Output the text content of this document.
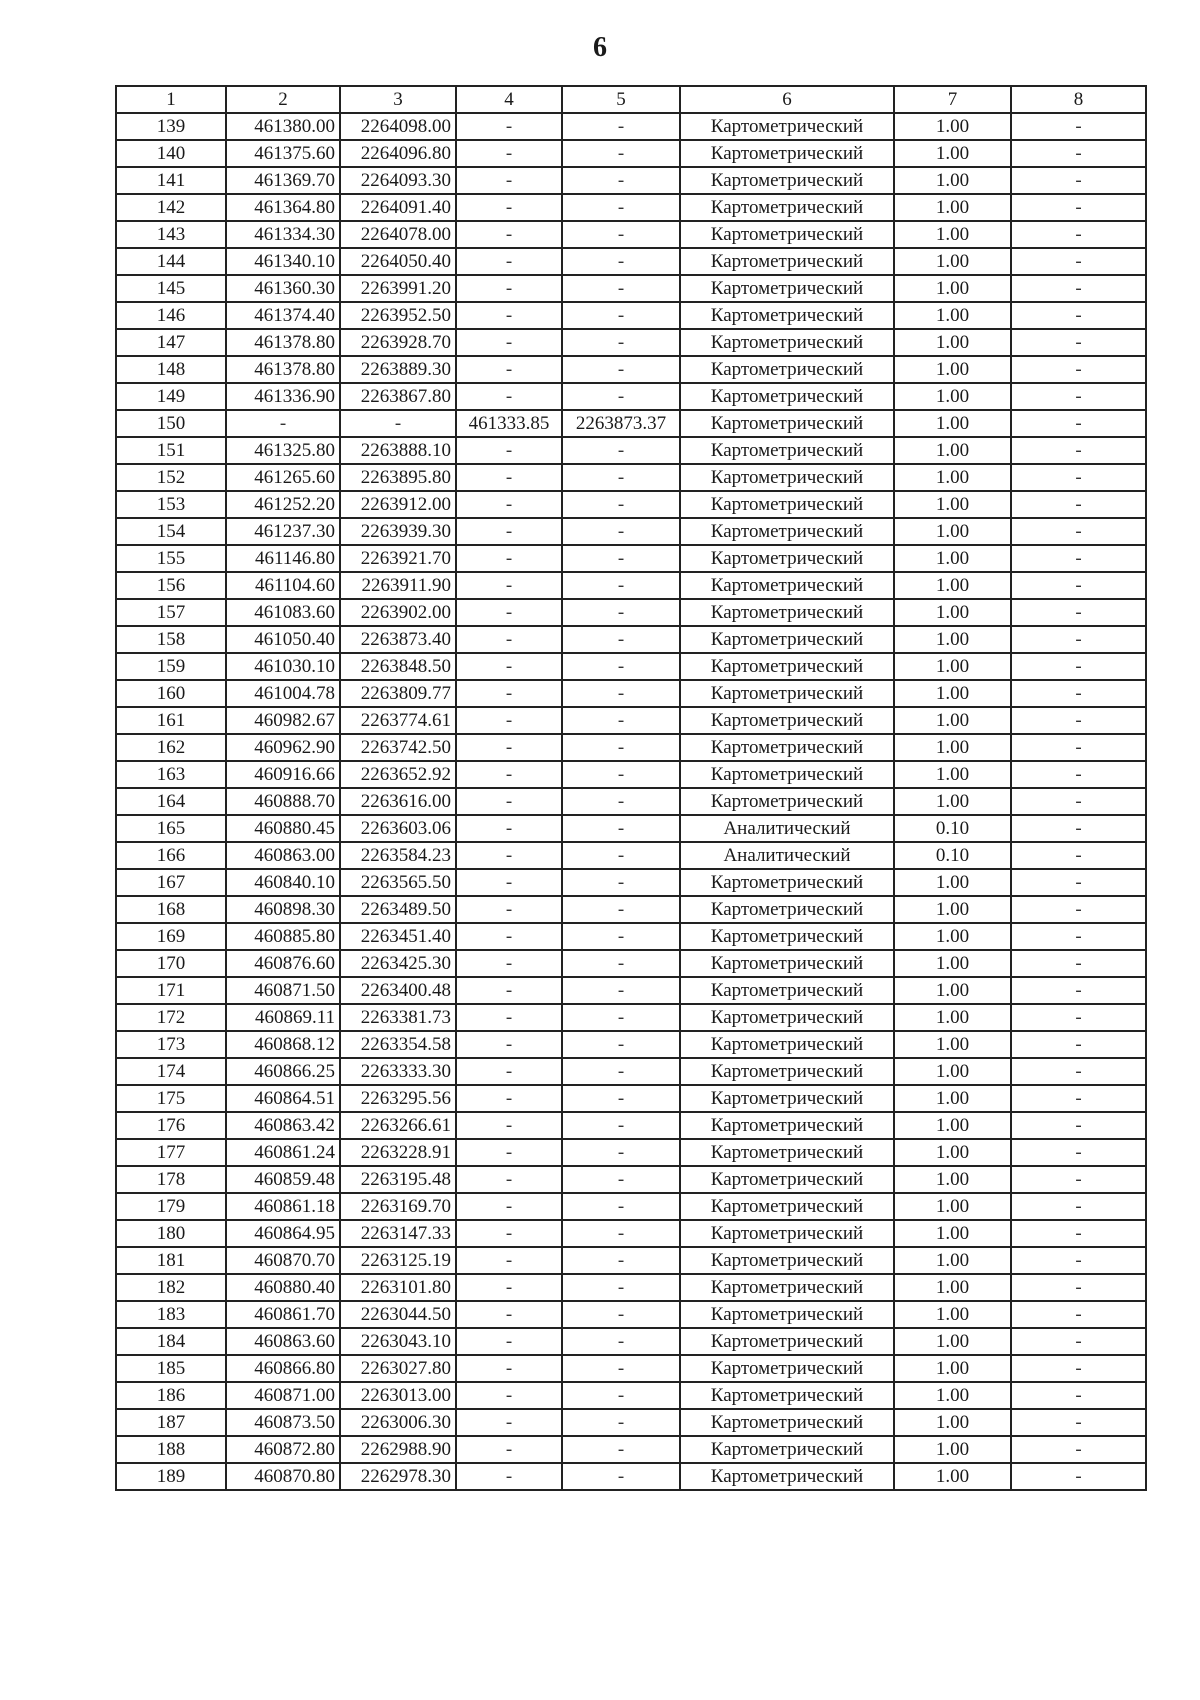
6
1	2	3	4	5	6	7	8
139	461380.00	2264098.00	-	-	Картометрический	1.00	-
140	461375.60	2264096.80	-	-	Картометрический	1.00	-
141	461369.70	2264093.30	-	-	Картометрический	1.00	-
142	461364.80	2264091.40	-	-	Картометрический	1.00	-
143	461334.30	2264078.00	-	-	Картометрический	1.00	-
144	461340.10	2264050.40	-	-	Картометрический	1.00	-
145	461360.30	2263991.20	-	-	Картометрический	1.00	-
146	461374.40	2263952.50	-	-	Картометрический	1.00	-
147	461378.80	2263928.70	-	-	Картометрический	1.00	-
148	461378.80	2263889.30	-	-	Картометрический	1.00	-
149	461336.90	2263867.80	-	-	Картометрический	1.00	-
150	-	-	461333.85	2263873.37	Картометрический	1.00	-
151	461325.80	2263888.10	-	-	Картометрический	1.00	-
152	461265.60	2263895.80	-	-	Картометрический	1.00	-
153	461252.20	2263912.00	-	-	Картометрический	1.00	-
154	461237.30	2263939.30	-	-	Картометрический	1.00	-
155	461146.80	2263921.70	-	-	Картометрический	1.00	-
156	461104.60	2263911.90	-	-	Картометрический	1.00	-
157	461083.60	2263902.00	-	-	Картометрический	1.00	-
158	461050.40	2263873.40	-	-	Картометрический	1.00	-
159	461030.10	2263848.50	-	-	Картометрический	1.00	-
160	461004.78	2263809.77	-	-	Картометрический	1.00	-
161	460982.67	2263774.61	-	-	Картометрический	1.00	-
162	460962.90	2263742.50	-	-	Картометрический	1.00	-
163	460916.66	2263652.92	-	-	Картометрический	1.00	-
164	460888.70	2263616.00	-	-	Картометрический	1.00	-
165	460880.45	2263603.06	-	-	Аналитический	0.10	-
166	460863.00	2263584.23	-	-	Аналитический	0.10	-
167	460840.10	2263565.50	-	-	Картометрический	1.00	-
168	460898.30	2263489.50	-	-	Картометрический	1.00	-
169	460885.80	2263451.40	-	-	Картометрический	1.00	-
170	460876.60	2263425.30	-	-	Картометрический	1.00	-
171	460871.50	2263400.48	-	-	Картометрический	1.00	-
172	460869.11	2263381.73	-	-	Картометрический	1.00	-
173	460868.12	2263354.58	-	-	Картометрический	1.00	-
174	460866.25	2263333.30	-	-	Картометрический	1.00	-
175	460864.51	2263295.56	-	-	Картометрический	1.00	-
176	460863.42	2263266.61	-	-	Картометрический	1.00	-
177	460861.24	2263228.91	-	-	Картометрический	1.00	-
178	460859.48	2263195.48	-	-	Картометрический	1.00	-
179	460861.18	2263169.70	-	-	Картометрический	1.00	-
180	460864.95	2263147.33	-	-	Картометрический	1.00	-
181	460870.70	2263125.19	-	-	Картометрический	1.00	-
182	460880.40	2263101.80	-	-	Картометрический	1.00	-
183	460861.70	2263044.50	-	-	Картометрический	1.00	-
184	460863.60	2263043.10	-	-	Картометрический	1.00	-
185	460866.80	2263027.80	-	-	Картометрический	1.00	-
186	460871.00	2263013.00	-	-	Картометрический	1.00	-
187	460873.50	2263006.30	-	-	Картометрический	1.00	-
188	460872.80	2262988.90	-	-	Картометрический	1.00	-
189	460870.80	2262978.30	-	-	Картометрический	1.00	-
